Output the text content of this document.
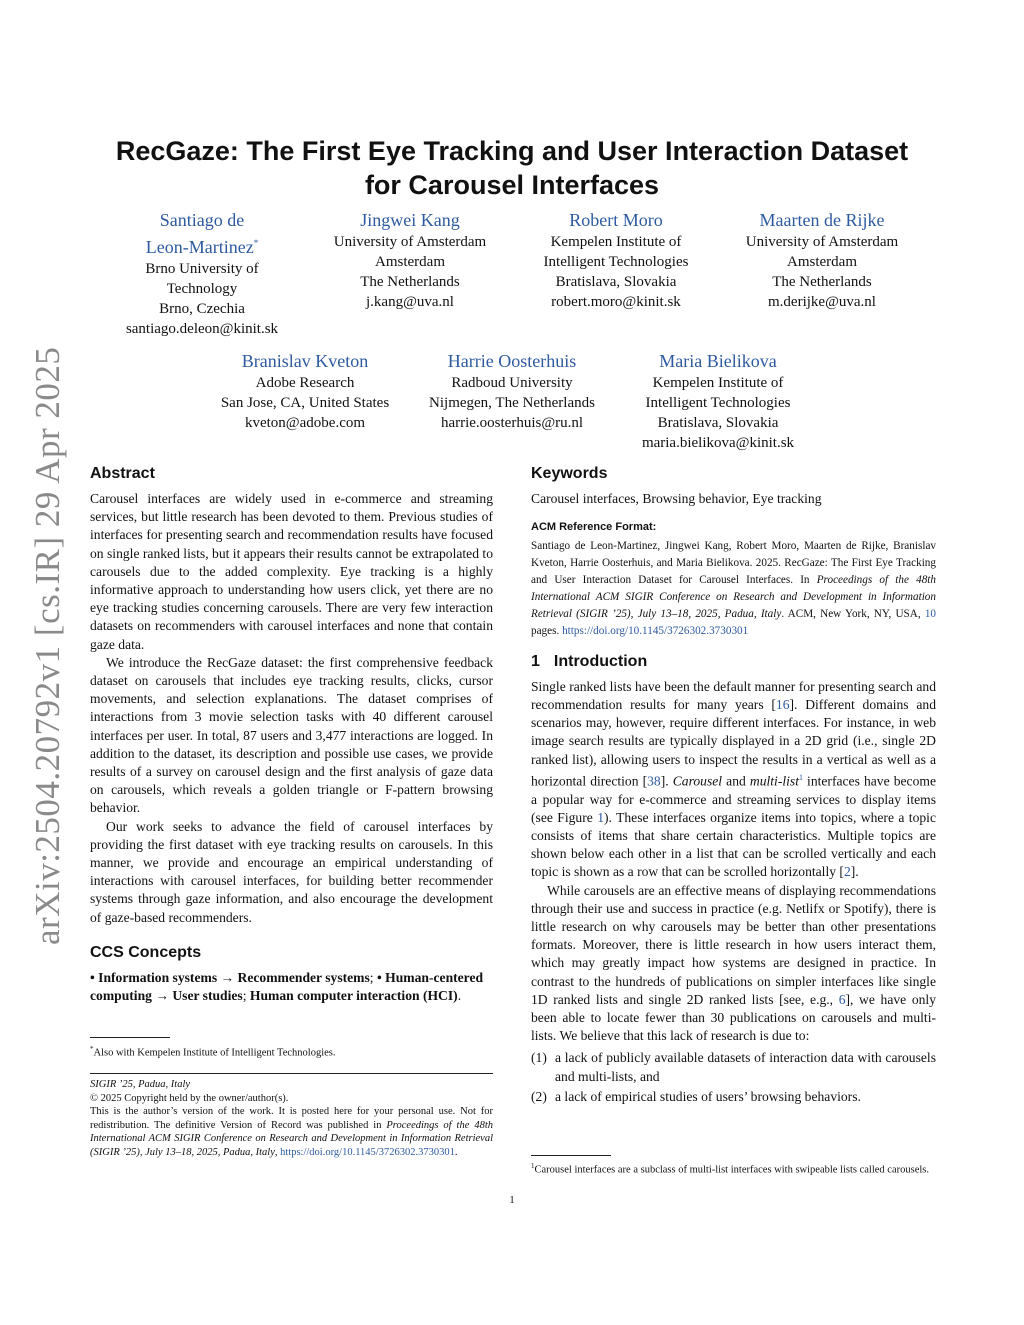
arXiv:2504.20792v1 [cs.IR] 29 Apr 2025
RecGaze: The First Eye Tracking and User Interaction Dataset
for Carousel Interfaces
Santiago de
Leon-Martinez*
Brno University of
Technology
Brno, Czechia
santiago.deleon@kinit.sk
Jingwei Kang
University of Amsterdam
Amsterdam
The Netherlands
j.kang@uva.nl
Robert Moro
Kempelen Institute of
Intelligent Technologies
Bratislava, Slovakia
robert.moro@kinit.sk
Maarten de Rijke
University of Amsterdam
Amsterdam
The Netherlands
m.derijke@uva.nl
Branislav Kveton
Adobe Research
San Jose, CA, United States
kveton@adobe.com
Harrie Oosterhuis
Radboud University
Nijmegen, The Netherlands
harrie.oosterhuis@ru.nl
Maria Bielikova
Kempelen Institute of
Intelligent Technologies
Bratislava, Slovakia
maria.bielikova@kinit.sk

Abstract

Carousel interfaces are widely used in e-commerce and streaming services, but little research has been devoted to them. Previous studies of interfaces for presenting search and recommendation results have focused on single ranked lists, but it appears their results cannot be extrapolated to carousels due to the added complexity. Eye tracking is a highly informative approach to understanding how users click, yet there are no eye tracking studies concerning carousels. There are very few interaction datasets on recommenders with carousel interfaces and none that contain gaze data.

We introduce the RecGaze dataset: the first comprehensive feedback dataset on carousels that includes eye tracking results, clicks, cursor movements, and selection explanations. The dataset comprises of interactions from 3 movie selection tasks with 40 different carousel interfaces per user. In total, 87 users and 3,477 interactions are logged. In addition to the dataset, its description and possible use cases, we provide results of a survey on carousel design and the first analysis of gaze data on carousels, which reveals a golden triangle or F-pattern browsing behavior.

Our work seeks to advance the field of carousel interfaces by providing the first dataset with eye tracking results on carousels. In this manner, we provide and encourage an empirical understanding of interactions with carousel interfaces, for building better recommender systems through gaze information, and also encourage the development of gaze-based recommenders.

CCS Concepts

• Information systems → Recommender systems; • Human-centered computing → User studies; Human computer interaction (HCI).

*Also with Kempelen Institute of Intelligent Technologies.
SIGIR ’25, Padua, Italy
© 2025 Copyright held by the owner/author(s).
This is the author’s version of the work. It is posted here for your personal use. Not for redistribution. The definitive Version of Record was published in Proceedings of the 48th International ACM SIGIR Conference on Research and Development in Information Retrieval (SIGIR ’25), July 13–18, 2025, Padua, Italy, https://doi.org/10.1145/3726302.3730301.

Keywords

Carousel interfaces, Browsing behavior, Eye tracking

ACM Reference Format:

Santiago de Leon-Martinez, Jingwei Kang, Robert Moro, Maarten de Rijke, Branislav Kveton, Harrie Oosterhuis, and Maria Bielikova. 2025. RecGaze: The First Eye Tracking and User Interaction Dataset for Carousel Interfaces. In Proceedings of the 48th International ACM SIGIR Conference on Research and Development in Information Retrieval (SIGIR ’25), July 13–18, 2025, Padua, Italy. ACM, New York, NY, USA, 10 pages. https://doi.org/10.1145/3726302.3730301

1 Introduction

Single ranked lists have been the default manner for presenting search and recommendation results for many years [16]. Different domains and scenarios may, however, require different interfaces. For instance, in web image search results are typically displayed in a 2D grid (i.e., single 2D ranked list), allowing users to inspect the results in a vertical as well as a horizontal direction [38]. Carousel and multi-list$^1$ interfaces have become a popular way for e-commerce and streaming services to display items (see Figure 1). These interfaces organize items into topics, where a topic consists of items that share certain characteristics. Multiple topics are shown below each other in a list that can be scrolled vertically and each topic is shown as a row that can be scrolled horizontally [2].

While carousels are an effective means of displaying recommendations through their use and success in practice (e.g. Netlifx or Spotify), there is little research on why carousels may be better than other presentations formats. Moreover, there is little research in how users interact them, which may greatly impact how systems are designed in practice. In contrast to the hundreds of publications on simpler interfaces like single 1D ranked lists and single 2D ranked lists [see, e.g., 6], we have only been able to locate fewer than 30 publications on carousels and multi-lists. We believe that this lack of research is due to:

(1) a lack of publicly available datasets of interaction data with carousels and multi-lists, and
(2) a lack of empirical studies of users’ browsing behaviors.
$^1$Carousel interfaces are a subclass of multi-list interfaces with swipeable lists called carousels.
1
